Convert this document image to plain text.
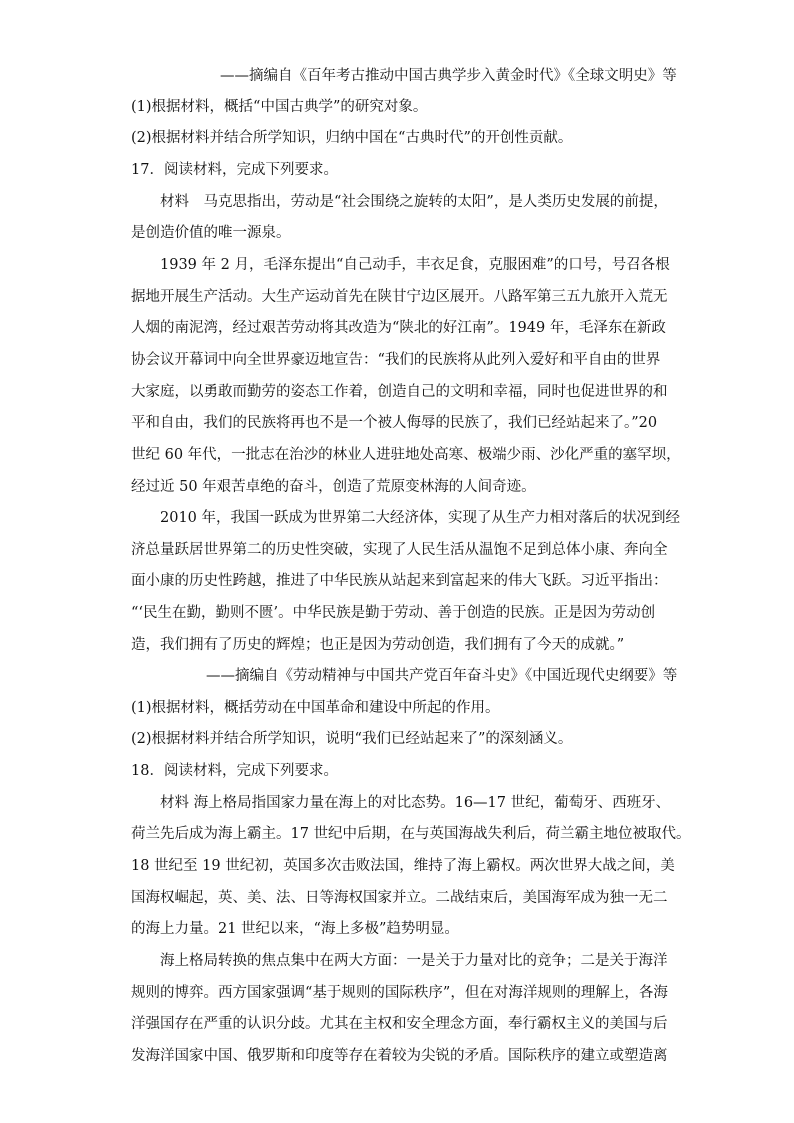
——摘编自《百年考古推动中国古典学步入黄金时代》《全球文明史》等
(1)根据材料，概括“中国古典学”的研究对象。
(2)根据材料并结合所学知识，归纳中国在“古典时代”的开创性贡献。
17．阅读材料，完成下列要求。
材料　马克思指出，劳动是“社会围绕之旋转的太阳”，是人类历史发展的前提，
是创造价值的唯一源泉。
1939 年 2 月，毛泽东提出“自己动手，丰衣足食，克服困难”的口号，号召各根
据地开展生产活动。大生产运动首先在陕甘宁边区展开。八路军第三五九旅开入荒无
人烟的南泥湾，经过艰苦劳动将其改造为“陕北的好江南”。1949 年，毛泽东在新政
协会议开幕词中向全世界豪迈地宣告：“我们的民族将从此列入爱好和平自由的世界
大家庭，以勇敢而勤劳的姿态工作着，创造自己的文明和幸福，同时也促进世界的和
平和自由，我们的民族将再也不是一个被人侮辱的民族了，我们已经站起来了。”20
世纪 60 年代，一批志在治沙的林业人进驻地处高寒、极端少雨、沙化严重的塞罕坝，
经过近 50 年艰苦卓绝的奋斗，创造了荒原变林海的人间奇迹。
2010 年，我国一跃成为世界第二大经济体，实现了从生产力相对落后的状况到经
济总量跃居世界第二的历史性突破，实现了人民生活从温饱不足到总体小康、奔向全
面小康的历史性跨越，推进了中华民族从站起来到富起来的伟大飞跃。习近平指出：
“‘民生在勤，勤则不匮’。中华民族是勤于劳动、善于创造的民族。正是因为劳动创
造，我们拥有了历史的辉煌；也正是因为劳动创造，我们拥有了今天的成就。”
——摘编自《劳动精神与中国共产党百年奋斗史》《中国近现代史纲要》等
(1)根据材料，概括劳动在中国革命和建设中所起的作用。
(2)根据材料并结合所学知识，说明“我们已经站起来了”的深刻涵义。
18．阅读材料，完成下列要求。
材料 海上格局指国家力量在海上的对比态势。16—17 世纪，葡萄牙、西班牙、
荷兰先后成为海上霸主。17 世纪中后期，在与英国海战失利后，荷兰霸主地位被取代。
18 世纪至 19 世纪初，英国多次击败法国，维持了海上霸权。两次世界大战之间，美
国海权崛起，英、美、法、日等海权国家并立。二战结束后，美国海军成为独一无二
的海上力量。21 世纪以来，“海上多极”趋势明显。
海上格局转换的焦点集中在两大方面：一是关于力量对比的竞争；二是关于海洋
规则的博弈。西方国家强调“基于规则的国际秩序”，但在对海洋规则的理解上，各海
洋强国存在严重的认识分歧。尤其在主权和安全理念方面，奉行霸权主义的美国与后
发海洋国家中国、俄罗斯和印度等存在着较为尖锐的矛盾。国际秩序的建立或塑造离
